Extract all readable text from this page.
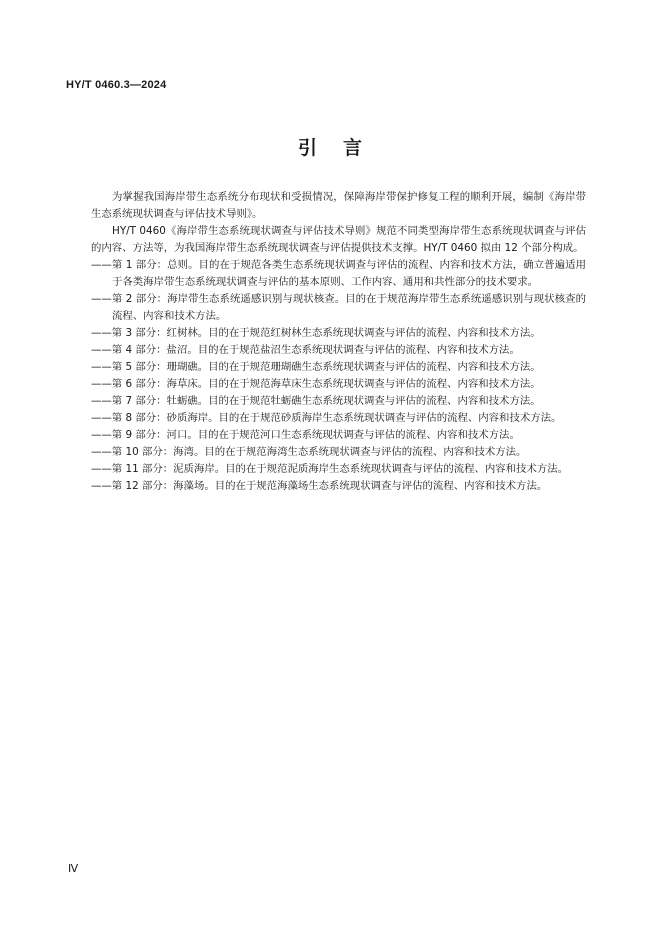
HY/T 0460.3—2024
引言

为掌握我国海岸带生态系统分布现状和受损情况，保障海岸带保护修复工程的顺利开展，编制《海岸带生态系统现状调查与评估技术导则》。

HY/T 0460《海岸带生态系统现状调查与评估技术导则》规范不同类型海岸带生态系统现状调查与评估的内容、方法等，为我国海岸带生态系统现状调查与评估提供技术支撑。HY/T 0460 拟由 12 个部分构成。

——第 1 部分：总则。目的在于规范各类生态系统现状调查与评估的流程、内容和技术方法，确立普遍适用于各类海岸带生态系统现状调查与评估的基本原则、工作内容、通用和共性部分的技术要求。
——第 2 部分：海岸带生态系统遥感识别与现状核查。目的在于规范海岸带生态系统遥感识别与现状核查的流程、内容和技术方法。
——第 3 部分：红树林。目的在于规范红树林生态系统现状调查与评估的流程、内容和技术方法。
——第 4 部分：盐沼。目的在于规范盐沼生态系统现状调查与评估的流程、内容和技术方法。
——第 5 部分：珊瑚礁。目的在于规范珊瑚礁生态系统现状调查与评估的流程、内容和技术方法。
——第 6 部分：海草床。目的在于规范海草床生态系统现状调查与评估的流程、内容和技术方法。
——第 7 部分：牡蛎礁。目的在于规范牡蛎礁生态系统现状调查与评估的流程、内容和技术方法。
——第 8 部分：砂质海岸。目的在于规范砂质海岸生态系统现状调查与评估的流程、内容和技术方法。
——第 9 部分：河口。目的在于规范河口生态系统现状调查与评估的流程、内容和技术方法。
——第 10 部分：海湾。目的在于规范海湾生态系统现状调查与评估的流程、内容和技术方法。
——第 11 部分：泥质海岸。目的在于规范泥质海岸生态系统现状调查与评估的流程、内容和技术方法。
——第 12 部分：海藻场。目的在于规范海藻场生态系统现状调查与评估的流程、内容和技术方法。
Ⅳ
